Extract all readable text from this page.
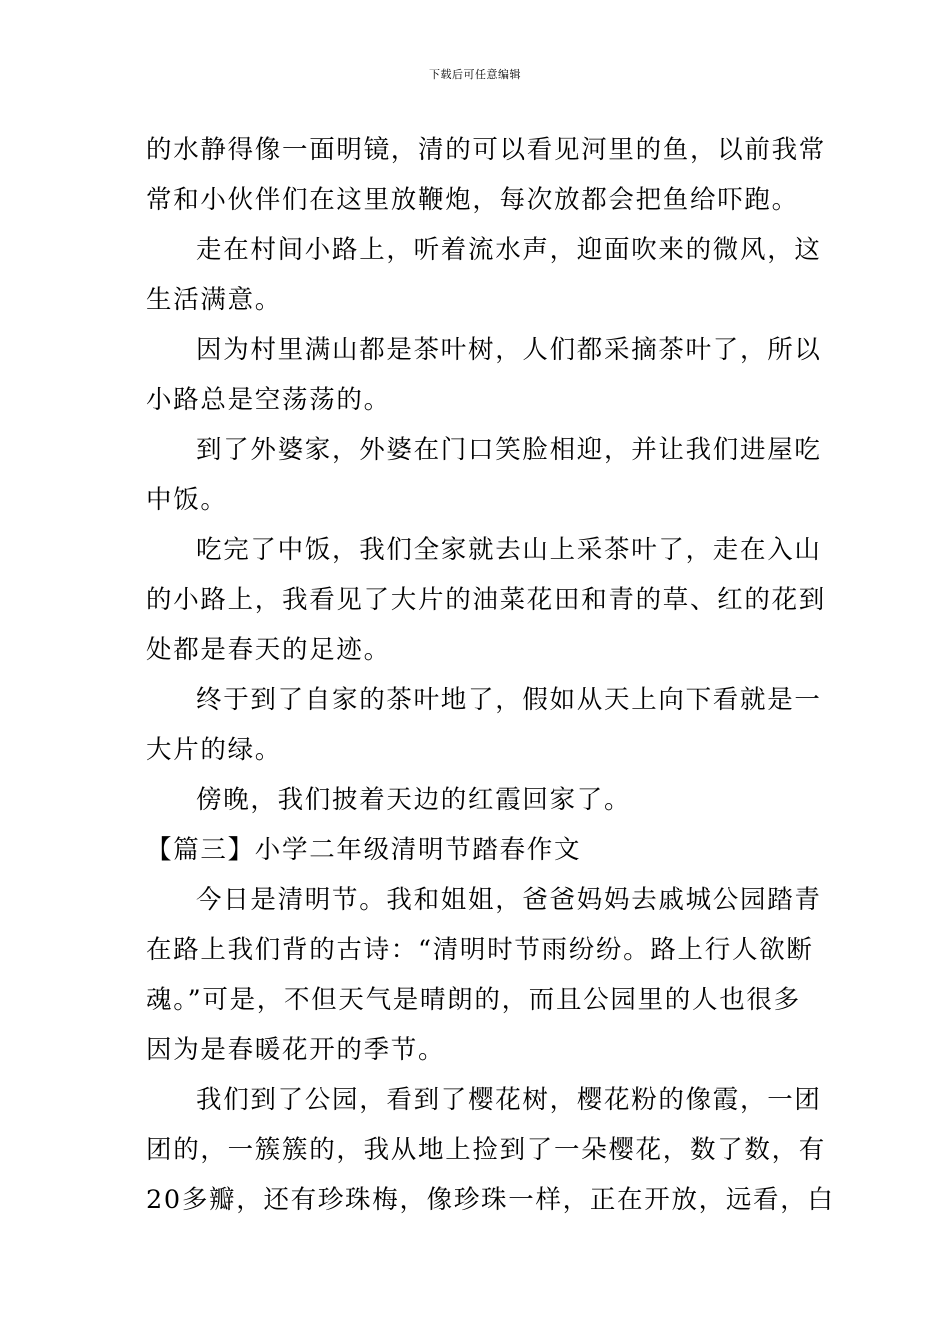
下载后可任意编辑
的水静得像一面明镜，清的可以看见河里的鱼，以前我常
常和小伙伴们在这里放鞭炮，每次放都会把鱼给吓跑。
走在村间小路上，听着流水声，迎面吹来的微风，这
生活满意。
因为村里满山都是茶叶树，人们都采摘茶叶了，所以
小路总是空荡荡的。
到了外婆家，外婆在门口笑脸相迎，并让我们进屋吃
中饭。
吃完了中饭，我们全家就去山上采茶叶了，走在入山
的小路上，我看见了大片的油菜花田和青的草、红的花到
处都是春天的足迹。
终于到了自家的茶叶地了，假如从天上向下看就是一
大片的绿。
傍晚，我们披着天边的红霞回家了。
【篇三】小学二年级清明节踏春作文
今日是清明节。我和姐姐，爸爸妈妈去戚城公园踏青
在路上我们背的古诗：“清明时节雨纷纷。路上行人欲断
魂。”可是，不但天气是晴朗的，而且公园里的人也很多
因为是春暖花开的季节。
我们到了公园，看到了樱花树，樱花粉的像霞，一团
团的，一簇簇的，我从地上捡到了一朵樱花，数了数，有
20多瓣，还有珍珠梅，像珍珠一样，正在开放，远看，白
